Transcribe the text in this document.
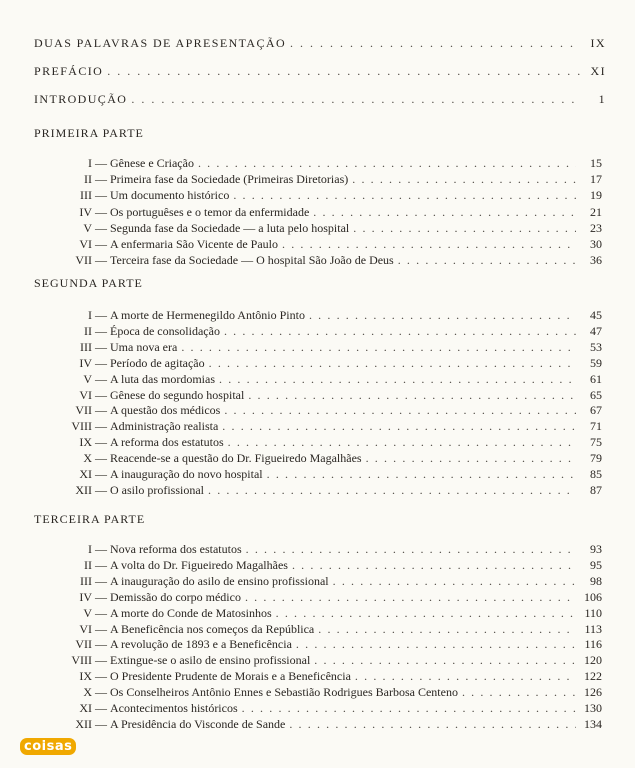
DUAS PALAVRAS DE APRESENTAÇÃO . . .	IX
PREFÁCIO . . .	XI
INTRODUÇÃO . . .	1
PRIMEIRA PARTE
I — Gênese e Criação . . .	15
II — Primeira fase da Sociedade (Primeiras Diretorias) . . .	17
III — Um documento histórico . . .	19
IV — Os portuguêses e o temor da enfermidade . . .	21
V — Segunda fase da Sociedade — a luta pelo hospital . . .	23
VI — A enfermaria São Vicente de Paulo . . .	30
VII — Terceira fase da Sociedade — O hospital São João de Deus . . .	36
SEGUNDA PARTE
I — A morte de Hermenegildo Antônio Pinto . . .	45
II — Época de consolidação . . .	47
III — Uma nova era . . .	53
IV — Período de agitação . . .	59
V — A luta das mordomias . . .	61
VI — Gênese do segundo hospital . . .	65
VII — A questão dos médicos . . .	67
VIII — Administração realista . . .	71
IX — A reforma dos estatutos . . .	75
X — Reacende-se a questão do Dr. Figueiredo Magalhães . . .	79
XI — A inauguração do novo hospital . . .	85
XII — O asilo profissional . . .	87
TERCEIRA PARTE
I — Nova reforma dos estatutos . . .	93
II — A volta do Dr. Figueiredo Magalhães . . .	95
III — A inauguração do asilo de ensino profissional . . .	98
IV — Demissão do corpo médico . . .	106
V — A morte do Conde de Matosinhos . . .	110
VI — A Beneficência nos começos da República . . .	113
VII — A revolução de 1893 e a Beneficência . . .	116
VIII — Extingue-se o asilo de ensino profissional . . .	120
IX — O Presidente Prudente de Morais e a Beneficência . . .	122
X — Os Conselheiros Antônio Ennes e Sebastião Rodrigues Barbosa Centeno . . .	126
XI — Acontecimentos históricos . . .	130
XII — A Presidência do Visconde de Sande . . .	134
coisas
